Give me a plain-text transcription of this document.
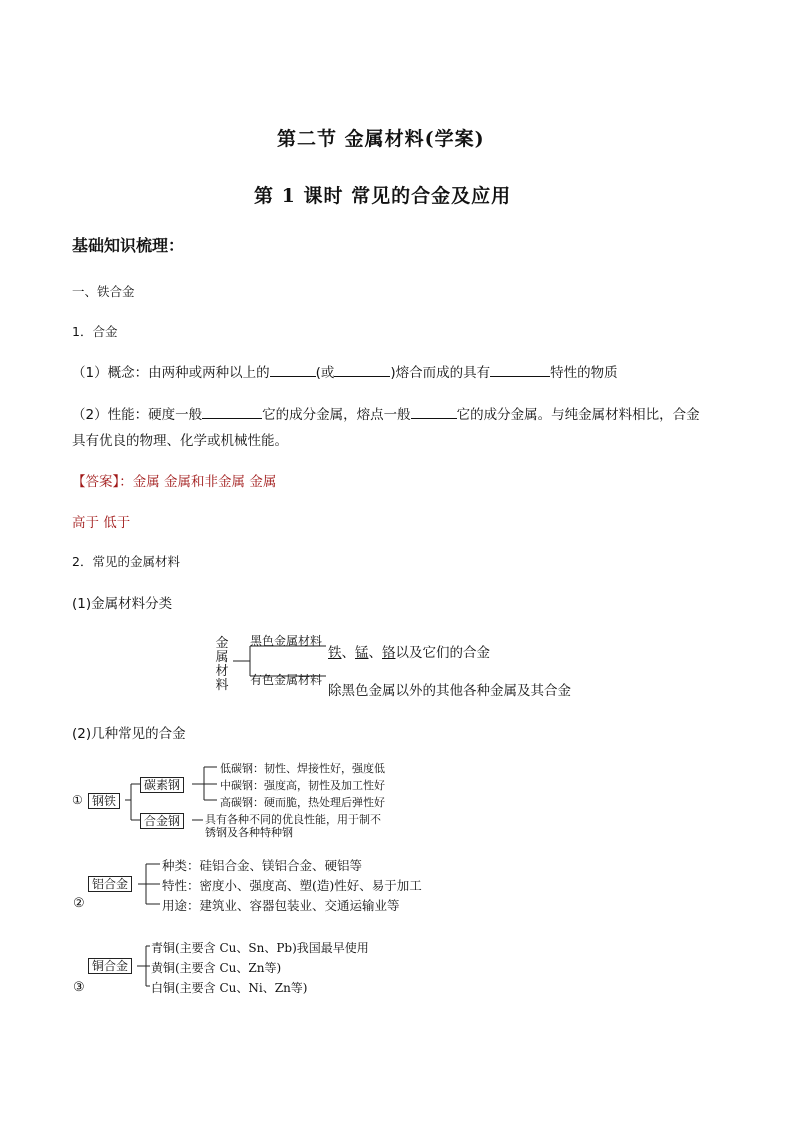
第二节 金属材料(学案)
第 1 课时 常见的合金及应用
基础知识梳理：
一、铁合金
1．合金
（1）概念：由两种或两种以上的	(或	)熔合而成的具有	特性的物质
（2）性能：硬度一般	它的成分金属，熔点一般	它的成分金属。与纯金属材料相比，合金
具有优良的物理、化学或机械性能。
【答案】：金属 金属和非金属 金属
高于 低于
2．常见的金属材料
(1)金属材料分类
金属材料
黑色金属材料
铁、锰、铬以及它们的合金
有色金属材料
除黑色金属以外的其他各种金属及其合金
(2)几种常见的合金
① 钢铁
碳素钢
合金钢
低碳钢：韧性、焊接性好，强度低
中碳钢：强度高，韧性及加工性好
高碳钢：硬而脆，热处理后弹性好
具有各种不同的优良性能，用于制不
锈钢及各种特种钢
铝合金
②
种类：硅铝合金、镁铝合金、硬铝等
特性：密度小、强度高、塑(造)性好、易于加工
用途：建筑业、容器包装业、交通运输业等
铜合金
③
青铜(主要含 Cu、Sn、Pb)我国最早使用
黄铜(主要含 Cu、Zn等)
白铜(主要含 Cu、Ni、Zn等)
